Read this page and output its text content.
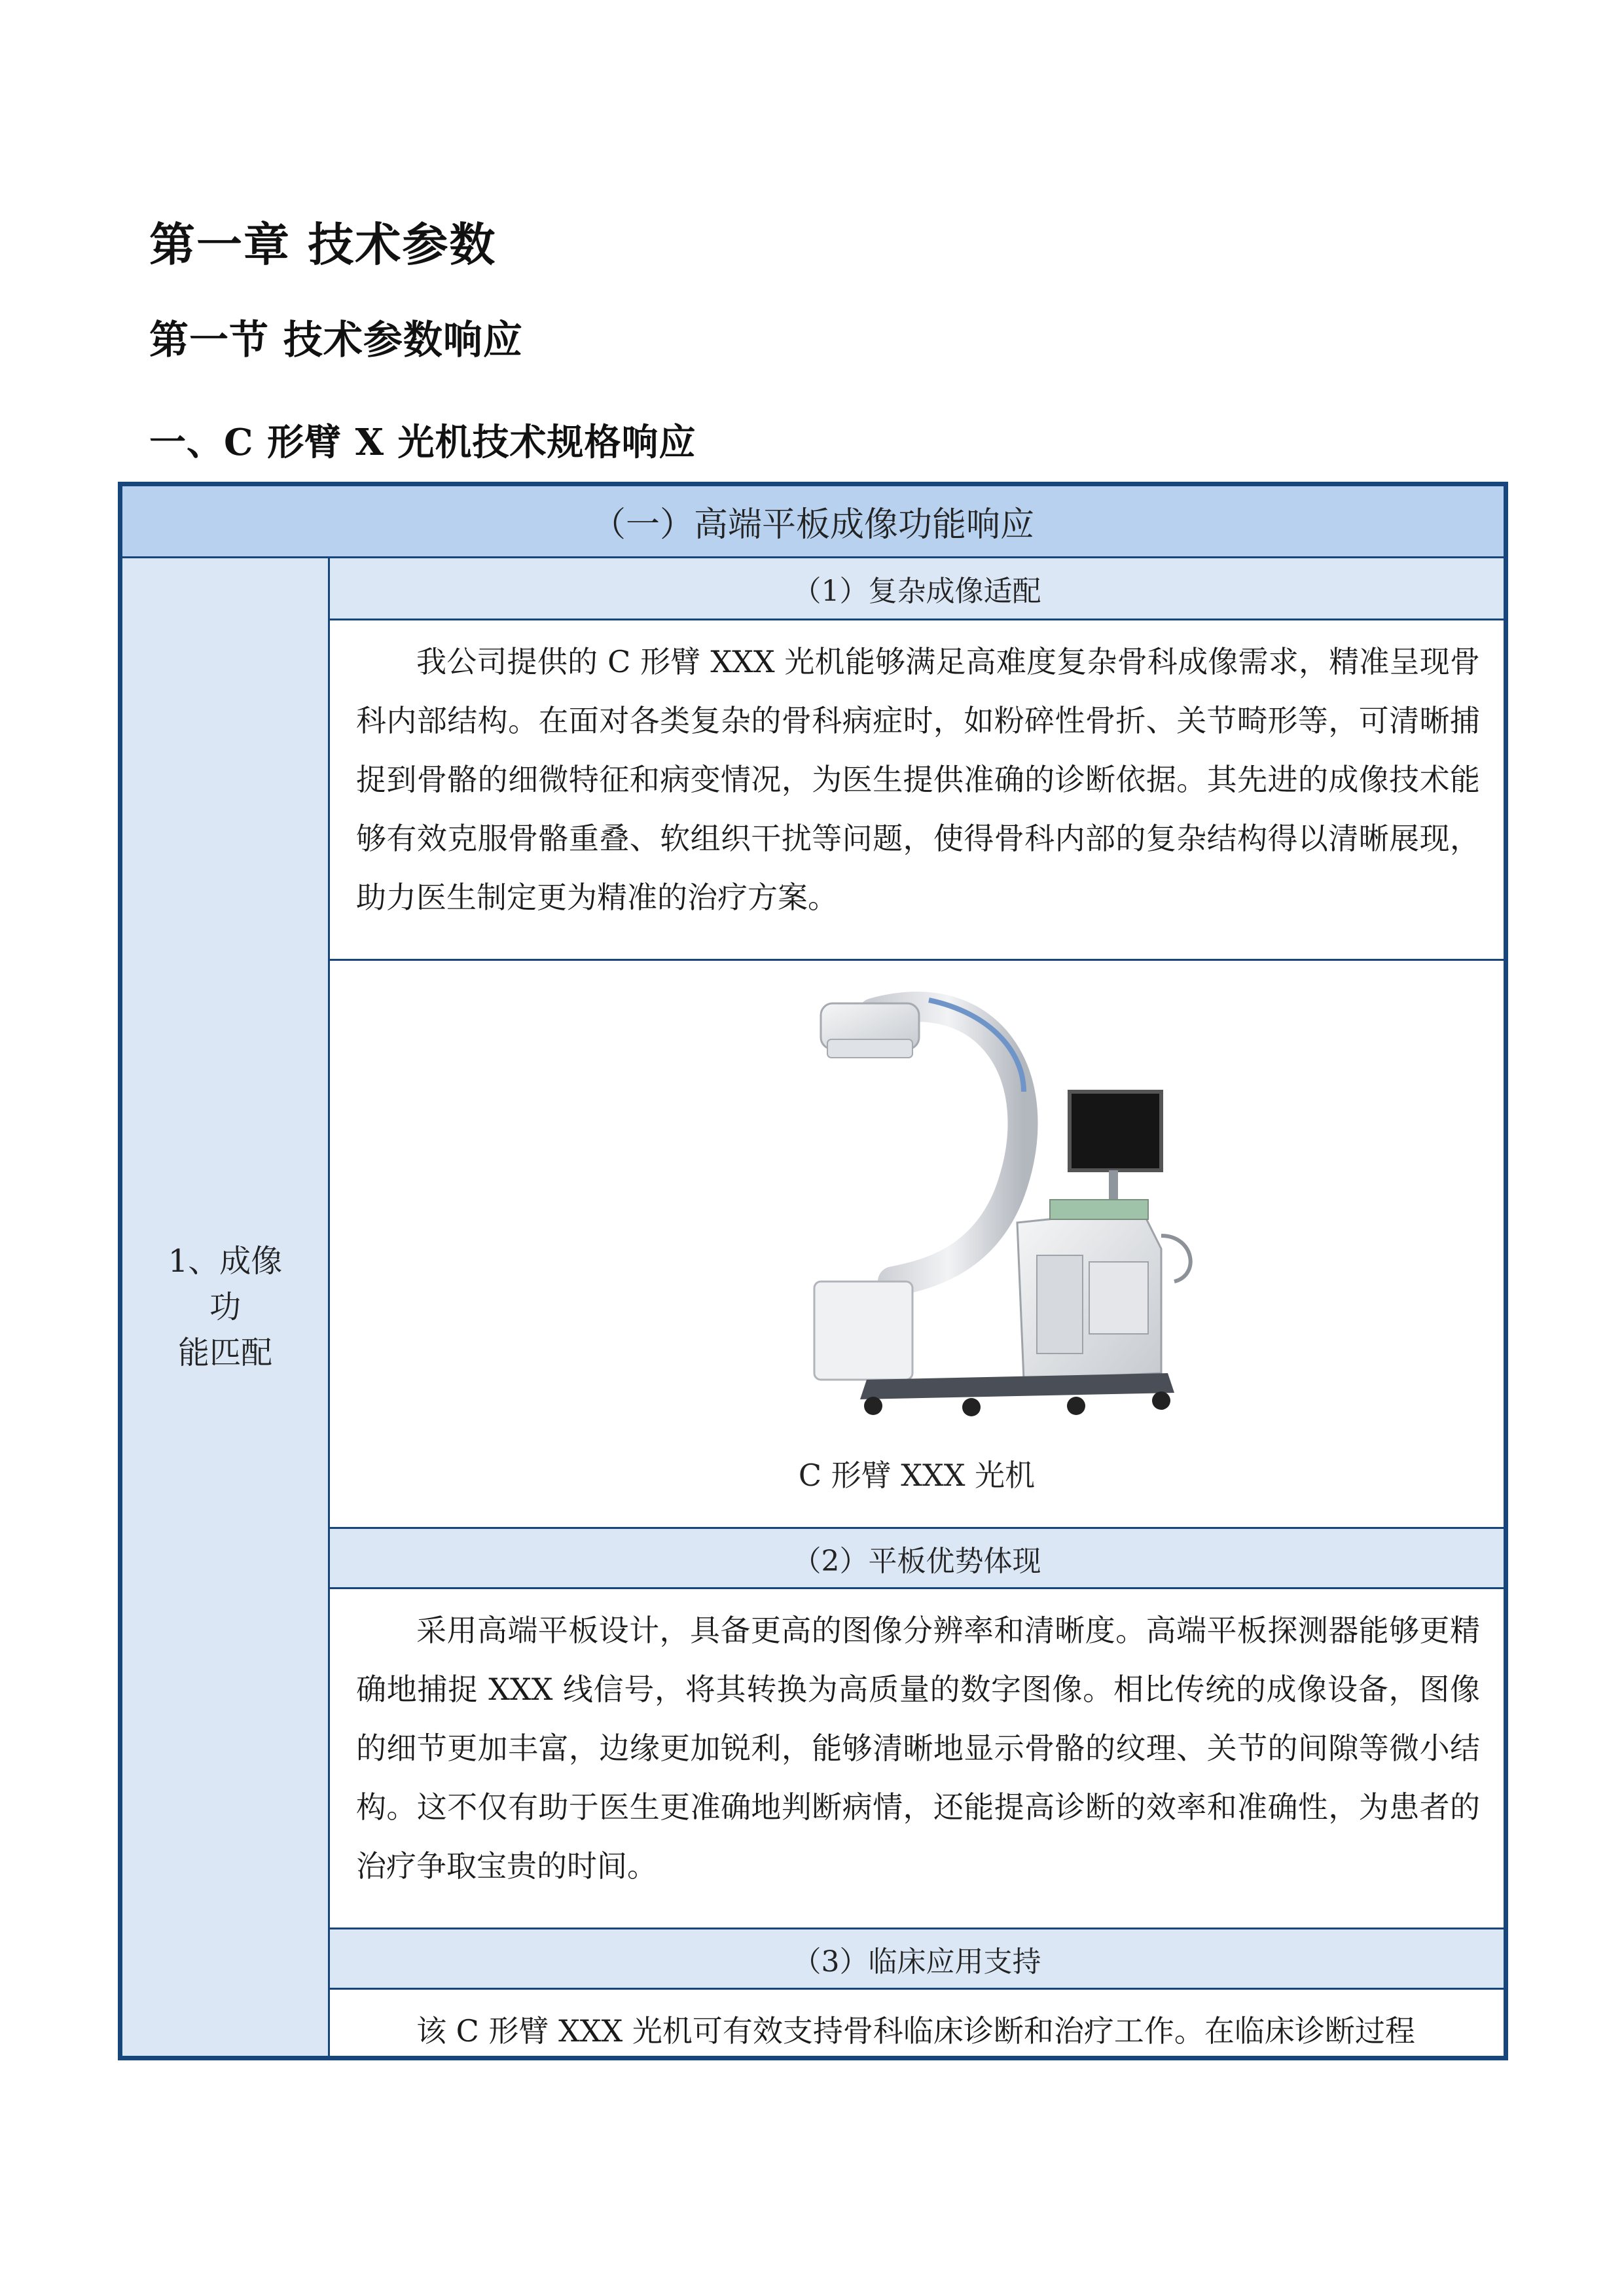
第一章 技术参数
第一节 技术参数响应
一、C 形臂 X 光机技术规格响应
（一）高端平板成像功能响应
1、成像功
能匹配
（1）复杂成像适配
我公司提供的 C 形臂 XXX 光机能够满足高难度复杂骨科成像需求，精准呈现骨科内部结构。在面对各类复杂的骨科病症时，如粉碎性骨折、关节畸形等，可清晰捕捉到骨骼的细微特征和病变情况，为医生提供准确的诊断依据。其先进的成像技术能够有效克服骨骼重叠、软组织干扰等问题，使得骨科内部的复杂结构得以清晰展现，助力医生制定更为精准的治疗方案。
C 形臂 XXX 光机
（2）平板优势体现
采用高端平板设计，具备更高的图像分辨率和清晰度。高端平板探测器能够更精确地捕捉 XXX 线信号，将其转换为高质量的数字图像。相比传统的成像设备，图像的细节更加丰富，边缘更加锐利，能够清晰地显示骨骼的纹理、关节的间隙等微小结构。这不仅有助于医生更准确地判断病情，还能提高诊断的效率和准确性，为患者的治疗争取宝贵的时间。
（3）临床应用支持
该 C 形臂 XXX 光机可有效支持骨科临床诊断和治疗工作。在临床诊断过程
